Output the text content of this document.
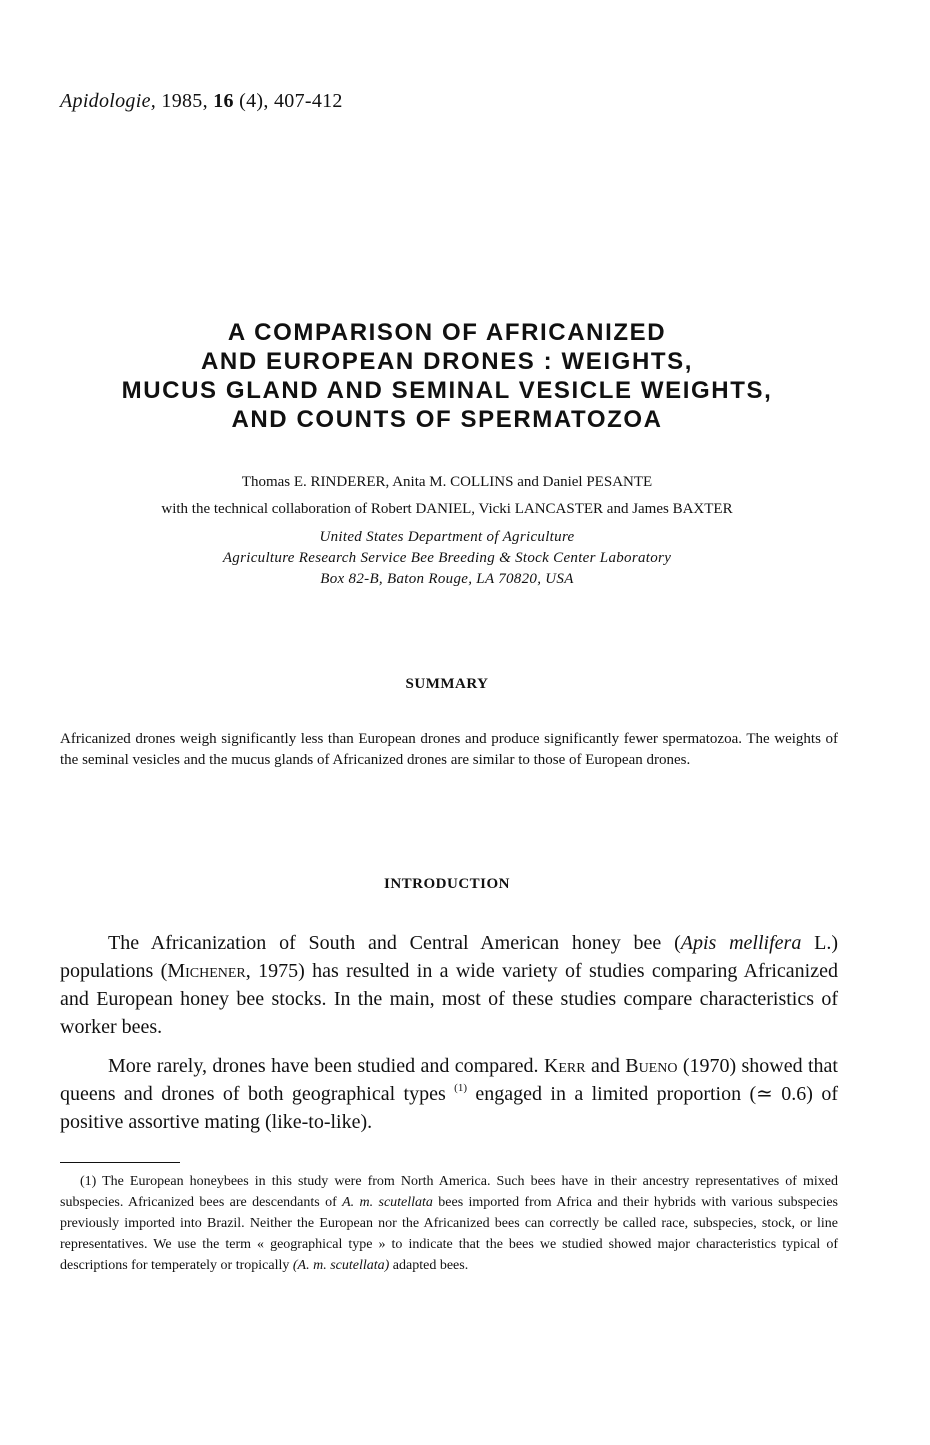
Apidologie, 1985, 16 (4), 407-412
A COMPARISON OF AFRICANIZED
AND EUROPEAN DRONES : WEIGHTS,
MUCUS GLAND AND SEMINAL VESICLE WEIGHTS,
AND COUNTS OF SPERMATOZOA
Thomas E. RINDERER, Anita M. COLLINS and Daniel PESANTE
with the technical collaboration of Robert DANIEL, Vicki LANCASTER and James BAXTER
United States Department of Agriculture
Agriculture Research Service Bee Breeding & Stock Center Laboratory
Box 82-B, Baton Rouge, LA 70820, USA
SUMMARY
Africanized drones weigh significantly less than European drones and produce significantly fewer spermatozoa. The weights of the seminal vesicles and the mucus glands of Africanized drones are similar to those of European drones.
INTRODUCTION

The Africanization of South and Central American honey bee (Apis mellifera L.) populations (Michener, 1975) has resulted in a wide variety of studies comparing Africanized and European honey bee stocks. In the main, most of these studies compare characteristics of worker bees.

More rarely, drones have been studied and compared. Kerr and Bueno (1970) showed that queens and drones of both geographical types $^{(1)}$ engaged in a limited proportion (≃ 0.6) of positive assortive mating (like-to-like).

(1) The European honeybees in this study were from North America. Such bees have in their ancestry representatives of mixed subspecies. Africanized bees are descendants of A. m. scutellata bees imported from Africa and their hybrids with various subspecies previously imported into Brazil. Neither the European nor the Africanized bees can correctly be called race, subspecies, stock, or line representatives. We use the term « geographical type » to indicate that the bees we studied showed major characteristics typical of descriptions for temperately or tropically (A. m. scutellata) adapted bees.
